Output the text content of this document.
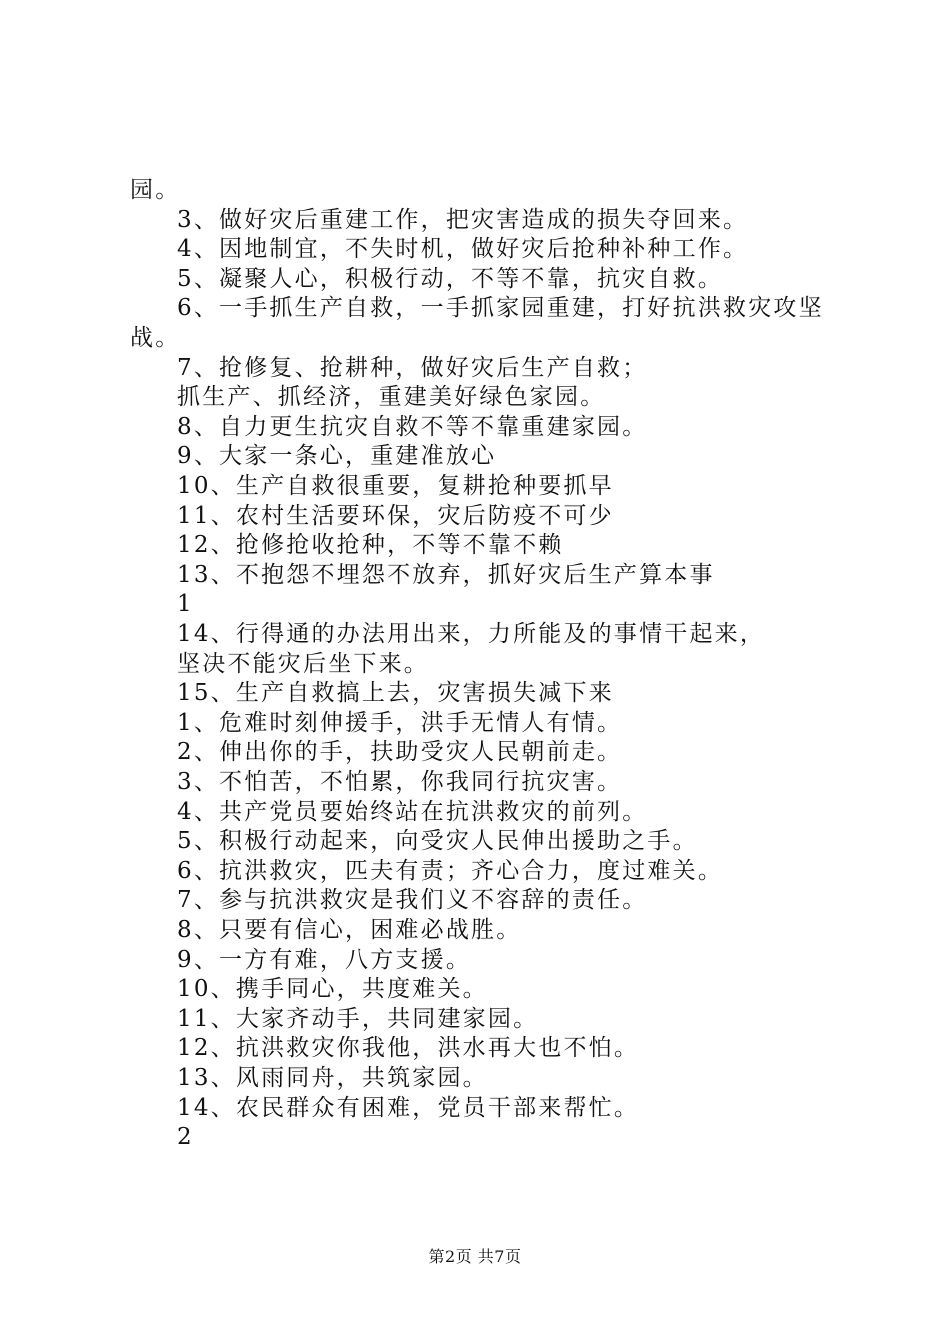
园。
3、做好灾后重建工作，把灾害造成的损失夺回来。
4、因地制宜，不失时机，做好灾后抢种补种工作。
5、凝聚人心，积极行动，不等不靠，抗灾自救。
6、一手抓生产自救，一手抓家园重建，打好抗洪救灾攻坚
战。
7、抢修复、抢耕种，做好灾后生产自救；
抓生产、抓经济，重建美好绿色家园。
8、自力更生抗灾自救不等不靠重建家园。
9、大家一条心，重建准放心
10、生产自救很重要，复耕抢种要抓早
11、农村生活要环保，灾后防疫不可少
12、抢修抢收抢种，不等不靠不赖
13、不抱怨不埋怨不放弃，抓好灾后生产算本事
1
14、行得通的办法用出来，力所能及的事情干起来，
坚决不能灾后坐下来。
15、生产自救搞上去，灾害损失减下来
1、危难时刻伸援手，洪手无情人有情。
2、伸出你的手，扶助受灾人民朝前走。
3、不怕苦，不怕累，你我同行抗灾害。
4、共产党员要始终站在抗洪救灾的前列。
5、积极行动起来，向受灾人民伸出援助之手。
6、抗洪救灾，匹夫有责；齐心合力，度过难关。
7、参与抗洪救灾是我们义不容辞的责任。
8、只要有信心，困难必战胜。
9、一方有难，八方支援。
10、携手同心，共度难关。
11、大家齐动手，共同建家园。
12、抗洪救灾你我他，洪水再大也不怕。
13、风雨同舟，共筑家园。
14、农民群众有困难，党员干部来帮忙。
2
第2页 共7页
